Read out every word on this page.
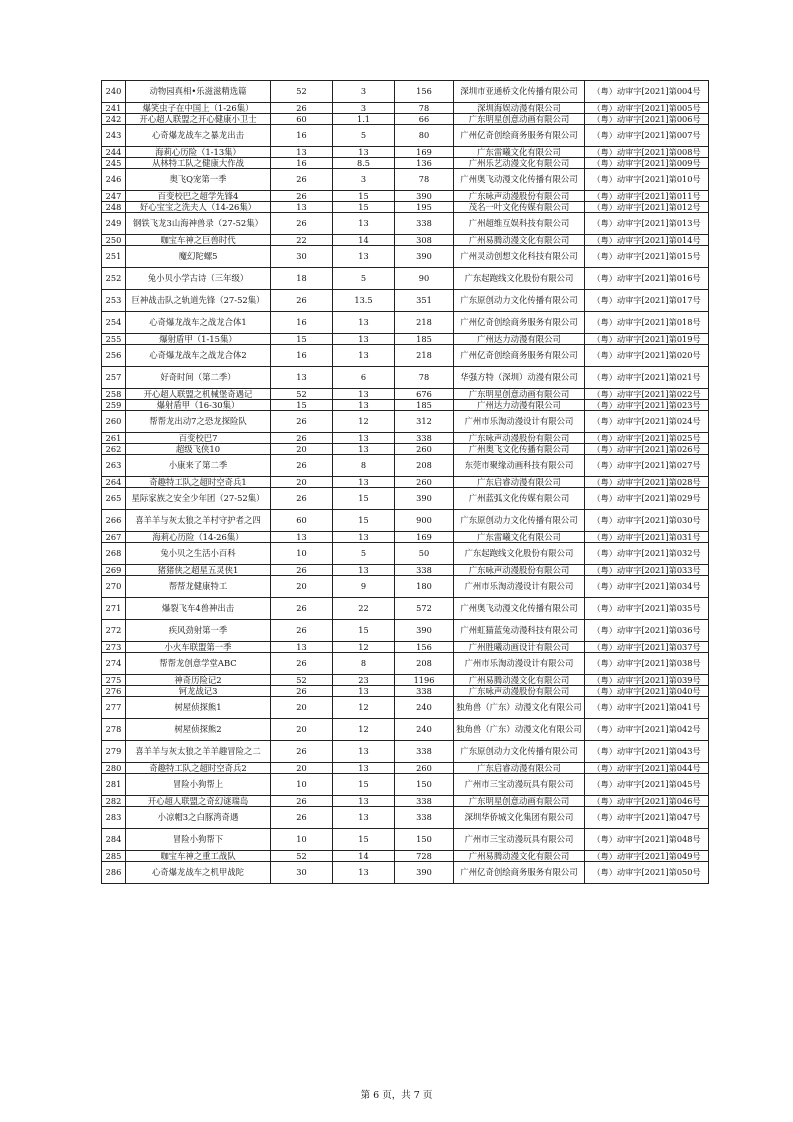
240	动物园真相•乐滋滋精选篇	52	3	156	深圳市亚通桥文化传播有限公司	（粤）动审字[2021]第004号
241	爆笑虫子在中国上（1-26集）	26	3	78	深圳海娱动漫有限公司	（粤）动审字[2021]第005号
242	开心超人联盟之开心健康小卫士	60	1.1	66	广东明星创意动画有限公司	（粤）动审字[2021]第006号
243	心奇爆龙战车之暴龙出击	16	5	80	广州亿奇创绘商务服务有限公司	（粤）动审字[2021]第007号
244	海莉心历险（1-13集）	13	13	169	广东雷曦文化有限公司	（粤）动审字[2021]第008号
245	从林特工队之健康大作战	16	8.5	136	广州乐艺动漫文化有限公司	（粤）动审字[2021]第009号
246	奥飞Q宠第一季	26	3	78	广州奥飞动漫文化传播有限公司	（粤）动审字[2021]第010号
247	百变校巴之超学先锋4	26	15	390	广东咏声动漫股份有限公司	（粤）动审字[2021]第011号
248	好心宝宝之洗夫人（14-26集）	13	15	195	茂名一叶文化传媒有限公司	（粤）动审字[2021]第012号
249	钢铁飞龙3山海神兽录（27-52集）	26	13	338	广州超维互娱科技有限公司	（粤）动审字[2021]第013号
250	咖宝车神之巨兽时代	22	14	308	广州易腾动漫文化有限公司	（粤）动审字[2021]第014号
251	魔幻陀螺5	30	13	390	广州灵动创想文化科技有限公司	（粤）动审字[2021]第015号
252	兔小贝小学古诗（三年级）	18	5	90	广东起跑线文化股份有限公司	（粤）动审字[2021]第016号
253	巨神战击队之轨道先锋（27-52集）	26	13.5	351	广东原创动力文化传播有限公司	（粤）动审字[2021]第017号
254	心奇爆龙战车之战龙合体1	16	13	218	广州亿奇创绘商务服务有限公司	（粤）动审字[2021]第018号
255	爆射盾甲（1-15集）	15	13	185	广州达力动漫有限公司	（粤）动审字[2021]第019号
256	心奇爆龙战车之战龙合体2	16	13	218	广州亿奇创绘商务服务有限公司	（粤）动审字[2021]第020号
257	好奇时间（第二季）	13	6	78	华强方特（深圳）动漫有限公司	（粤）动审字[2021]第021号
258	开心超人联盟之机械堡奇遇记	52	13	676	广东明星创意动画有限公司	（粤）动审字[2021]第022号
259	爆射盾甲（16-30集）	15	13	185	广州达力动漫有限公司	（粤）动审字[2021]第023号
260	帮帮龙出动7之恐龙探险队	26	12	312	广州市乐淘动漫设计有限公司	（粤）动审字[2021]第024号
261	百变校巴7	26	13	338	广东咏声动漫股份有限公司	（粤）动审字[2021]第025号
262	超级飞侠10	20	13	260	广州奥飞文化传播有限公司	（粤）动审字[2021]第026号
263	小康来了第二季	26	8	208	东莞市聚缘动画科技有限公司	（粤）动审字[2021]第027号
264	奇趣特工队之超时空奇兵1	20	13	260	广东启睿动漫有限公司	（粤）动审字[2021]第028号
265	星际家族之安全少年团（27-52集）	26	15	390	广州蓝弧文化传媒有限公司	（粤）动审字[2021]第029号
266	喜羊羊与灰太狼之羊村守护者之四	60	15	900	广东原创动力文化传播有限公司	（粤）动审字[2021]第030号
267	海莉心历险（14-26集）	13	13	169	广东雷曦文化有限公司	（粤）动审字[2021]第031号
268	兔小贝之生活小百科	10	5	50	广东起跑线文化股份有限公司	（粤）动审字[2021]第032号
269	猪猪侠之超星五灵侠1	26	13	338	广东咏声动漫股份有限公司	（粤）动审字[2021]第033号
270	帮帮龙健康特工	20	9	180	广州市乐淘动漫设计有限公司	（粤）动审字[2021]第034号
271	爆裂飞车4兽神出击	26	22	572	广州奥飞动漫文化传播有限公司	（粤）动审字[2021]第035号
272	疾风劲射第一季	26	15	390	广州虹猫蓝兔动漫科技有限公司	（粤）动审字[2021]第036号
273	小火车联盟第一季	13	12	156	广州胜曦动画设计有限公司	（粤）动审字[2021]第037号
274	帮帮龙创意学堂ABC	26	8	208	广州市乐淘动漫设计有限公司	（粤）动审字[2021]第038号
275	神奇历险记2	52	23	1196	广州易腾动漫文化有限公司	（粤）动审字[2021]第039号
276	钶龙战记3	26	13	338	广东咏声动漫股份有限公司	（粤）动审字[2021]第040号
277	树屋侦探熊1	20	12	240	独角兽（广东）动漫文化有限公司	（粤）动审字[2021]第041号
278	树屋侦探熊2	20	12	240	独角兽（广东）动漫文化有限公司	（粤）动审字[2021]第042号
279	喜羊羊与灰太狼之羊羊趣冒险之二	26	13	338	广东原创动力文化传播有限公司	（粤）动审字[2021]第043号
280	奇趣特工队之超时空奇兵2	20	13	260	广东启睿动漫有限公司	（粤）动审字[2021]第044号
281	冒险小狗帮上	10	15	150	广州市三宝动漫玩具有限公司	（粤）动审字[2021]第045号
282	开心超人联盟之奇幻谜瑞岛	26	13	338	广东明星创意动画有限公司	（粤）动审字[2021]第046号
283	小凉帽3之白豚湾奇遇	26	13	338	深圳华侨城文化集团有限公司	（粤）动审字[2021]第047号
284	冒险小狗帮下	10	15	150	广州市三宝动漫玩具有限公司	（粤）动审字[2021]第048号
285	咖宝车神之重工战队	52	14	728	广州易腾动漫文化有限公司	（粤）动审字[2021]第049号
286	心奇爆龙战车之机甲战陀	30	13	390	广州亿奇创绘商务服务有限公司	（粤）动审字[2021]第050号
第 6 页，共 7 页
